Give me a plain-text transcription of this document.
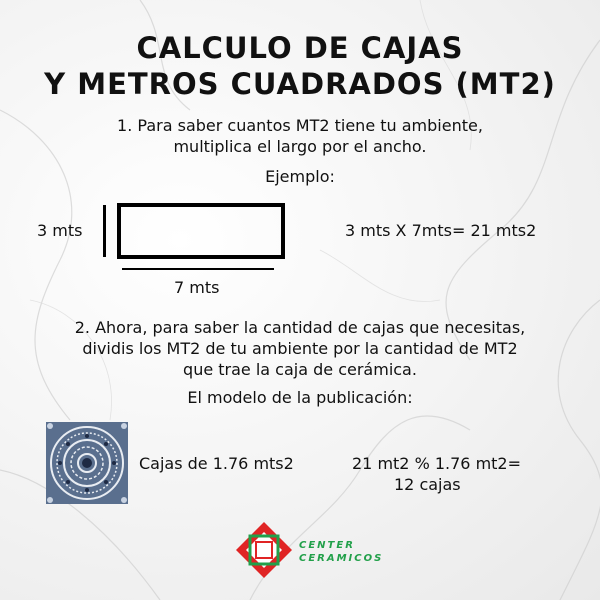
CALCULO DE CAJAS
Y METROS CUADRADOS (MT2)
1. Para saber cuantos MT2 tiene tu ambiente,
multiplica el largo por el ancho.
Ejemplo:
3 mts
7 mts
3 mts X 7mts= 21 mts2
2. Ahora, para saber la cantidad de cajas que necesitas,
dividis los MT2 de tu ambiente por la cantidad de MT2
que trae la caja de cerámica.
El modelo de la publicación:
Cajas de 1.76 mts2	21 mt2 % 1.76 mt2=
12 cajas
CENTER
CERAMICOS
